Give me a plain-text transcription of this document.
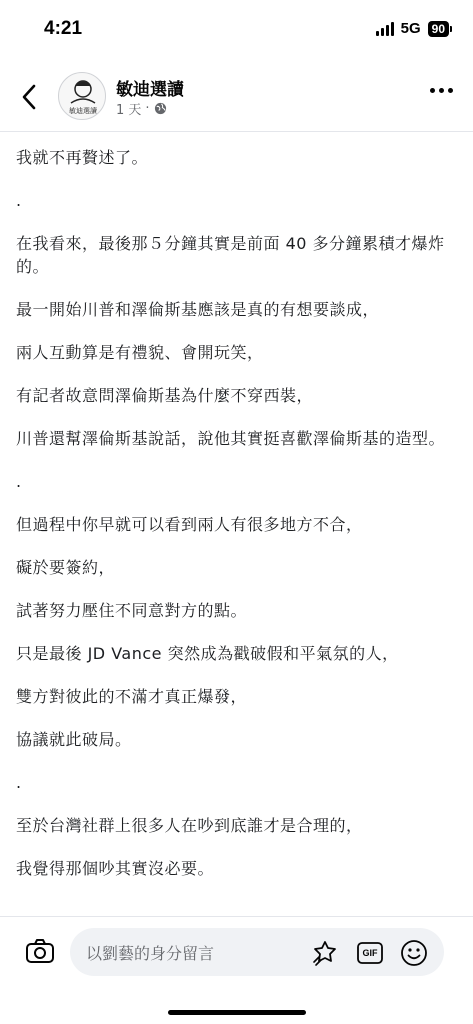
4:21	5G 90
敏迪選讀
敏迪選讀
1 天 ·
我就不再贅述了。
.
在我看來，最後那５分鐘其實是前面 40 多分鐘累積才爆炸的。
最一開始川普和澤倫斯基應該是真的有想要談成，
兩人互動算是有禮貌、會開玩笑，
有記者故意問澤倫斯基為什麼不穿西裝，
川普還幫澤倫斯基說話，說他其實挺喜歡澤倫斯基的造型。
.
但過程中你早就可以看到兩人有很多地方不合，
礙於要簽約，
試著努力壓住不同意對方的點。
只是最後 JD Vance 突然成為戳破假和平氣氛的人，
雙方對彼此的不滿才真正爆發，
協議就此破局。
.
至於台灣社群上很多人在吵到底誰才是合理的，
我覺得那個吵其實沒必要。
以劉藝的身分留言	GIF
